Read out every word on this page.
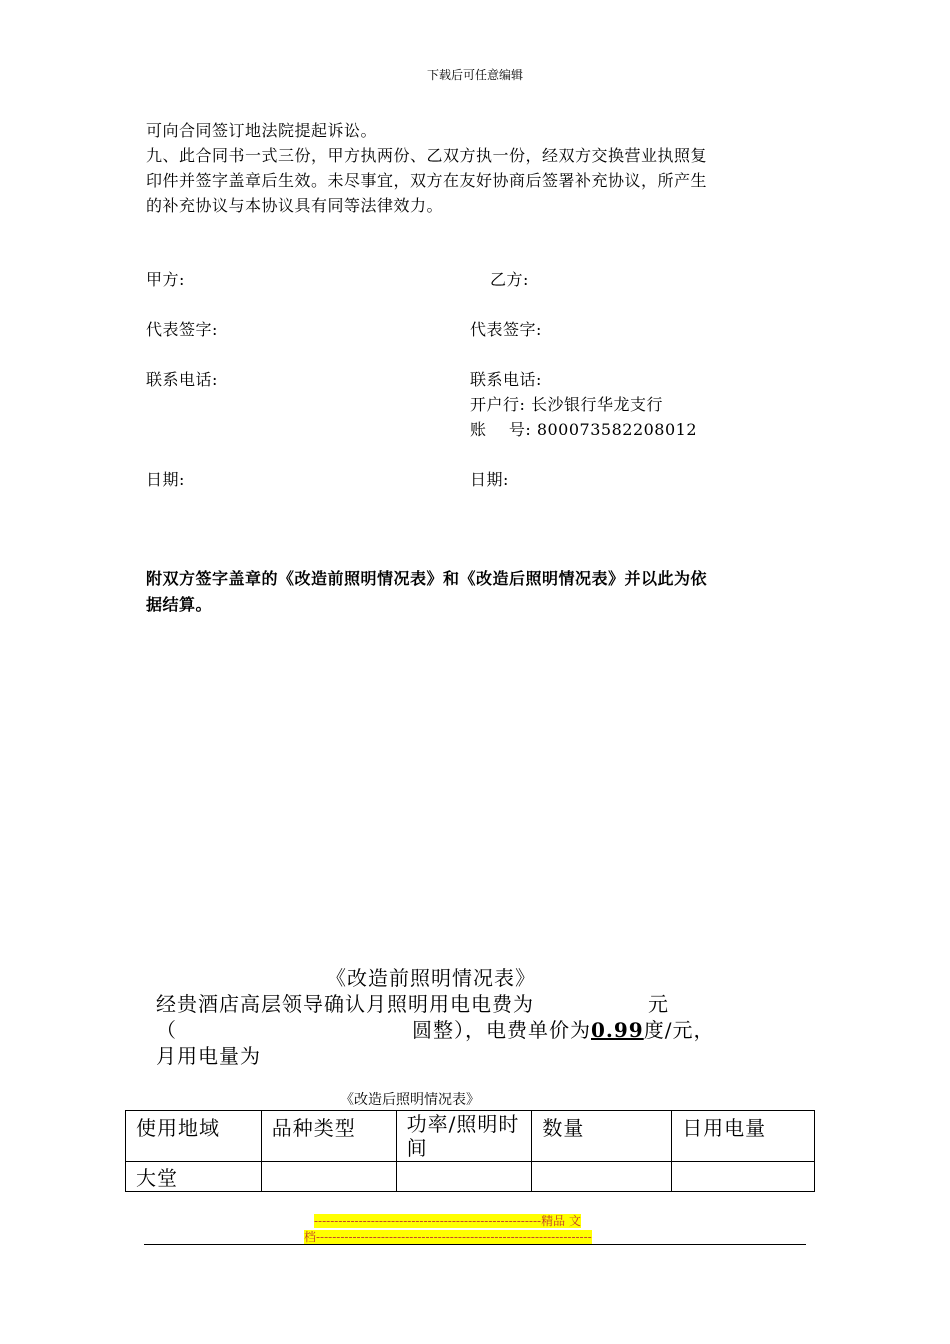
下载后可任意编辑
可向合同签订地法院提起诉讼。
九、此合同书一式三份，甲方执两份、乙双方执一份，经双方交换营业执照复
印件并签字盖章后生效。未尽事宜，双方在友好协商后签署补充协议，所产生
的补充协议与本协议具有同等法律效力。
甲方:	乙方:
代表签字:	代表签字:
联系电话:	联系电话:
开户行: 长沙银行华龙支行
账    号: 800073582208012
日期:	日期:
附双方签字盖章的《改造前照明情况表》和《改造后照明情况表》并以此为依
据结算。
《改造前照明情况表》
经贵酒店高层领导确认月照明用电电费为	元
（	圆整），电费单价为0.99度/元，
月用电量为
《改造后照明情况表》
使用地域	品种类型	功率/照明时间	数量	日用电量
大堂				
--------------------------------------------------------精品 文
档--------------------------------------------------------------------
